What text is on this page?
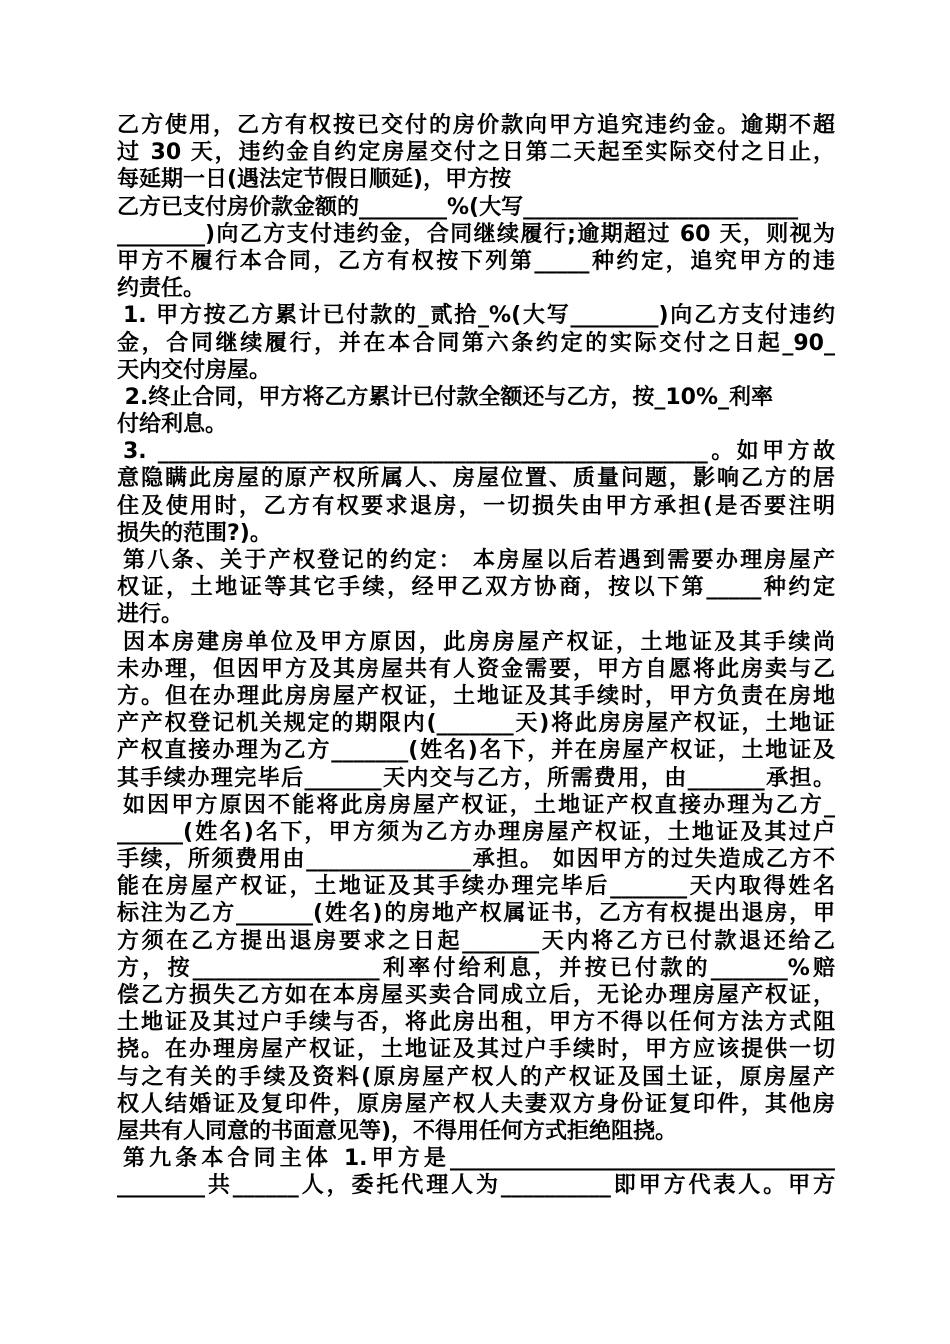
乙方使用，乙方有权按已交付的房价款向甲方追究违约金。逾期不超
过 30 天，违约金自约定房屋交付之日第二天起至实际交付之日止，
每延期一日(遇法定节假日顺延)，甲方按
乙方已支付房价款金额的________%(大写_________________________
________)向乙方支付违约金，合同继续履行;逾期超过 60 天，则视为
甲方不履行本合同，乙方有权按下列第_____种约定，追究甲方的违
约责任。
1. 甲方按乙方累计已付款的_贰拾_%(大写________)向乙方支付违约
金，合同继续履行，并在本合同第六条约定的实际交付之日起_90_
天内交付房屋。
2.终止合同，甲方将乙方累计已付款全额还与乙方，按_10%_利率
付给利息。
3. __________________________________________________。如甲方故
意隐瞒此房屋的原产权所属人、房屋位置、质量问题，影响乙方的居
住及使用时，乙方有权要求退房，一切损失由甲方承担(是否要注明
损失的范围?)。
第八条、关于产权登记的约定： 本房屋以后若遇到需要办理房屋产
权证，土地证等其它手续，经甲乙双方协商，按以下第_____种约定
进行。
因本房建房单位及甲方原因，此房房屋产权证，土地证及其手续尚
未办理，但因甲方及其房屋共有人资金需要，甲方自愿将此房卖与乙
方。但在办理此房房屋产权证，土地证及其手续时，甲方负责在房地
产产权登记机关规定的期限内(_______天)将此房房屋产权证，土地证
产权直接办理为乙方_______(姓名)名下，并在房屋产权证，土地证及
其手续办理完毕后_______天内交与乙方，所需费用，由_______承担。
如因甲方原因不能将此房房屋产权证，土地证产权直接办理为乙方_
______(姓名)名下，甲方须为乙方办理房屋产权证，土地证及其过户
手续，所须费用由_______________承担。 如因甲方的过失造成乙方不
能在房屋产权证，土地证及其手续办理完毕后_______天内取得姓名
标注为乙方_______(姓名)的房地产权属证书，乙方有权提出退房，甲
方须在乙方提出退房要求之日起_______天内将乙方已付款退还给乙
方，按_________________利率付给利息，并按已付款的_______%赔
偿乙方损失乙方如在本房屋买卖合同成立后，无论办理房屋产权证，
土地证及其过户手续与否，将此房出租，甲方不得以任何方法方式阻
挠。在办理房屋产权证，土地证及其过户手续时，甲方应该提供一切
与之有关的手续及资料(原房屋产权人的产权证及国土证，原房屋产
权人结婚证及复印件，原房屋产权人夫妻双方身份证复印件，其他房
屋共有人同意的书面意见等)，不得用任何方式拒绝阻挠。
第九条本合同主体 1.甲方是___________________________________
________共______人，委托代理人为__________即甲方代表人。甲方
